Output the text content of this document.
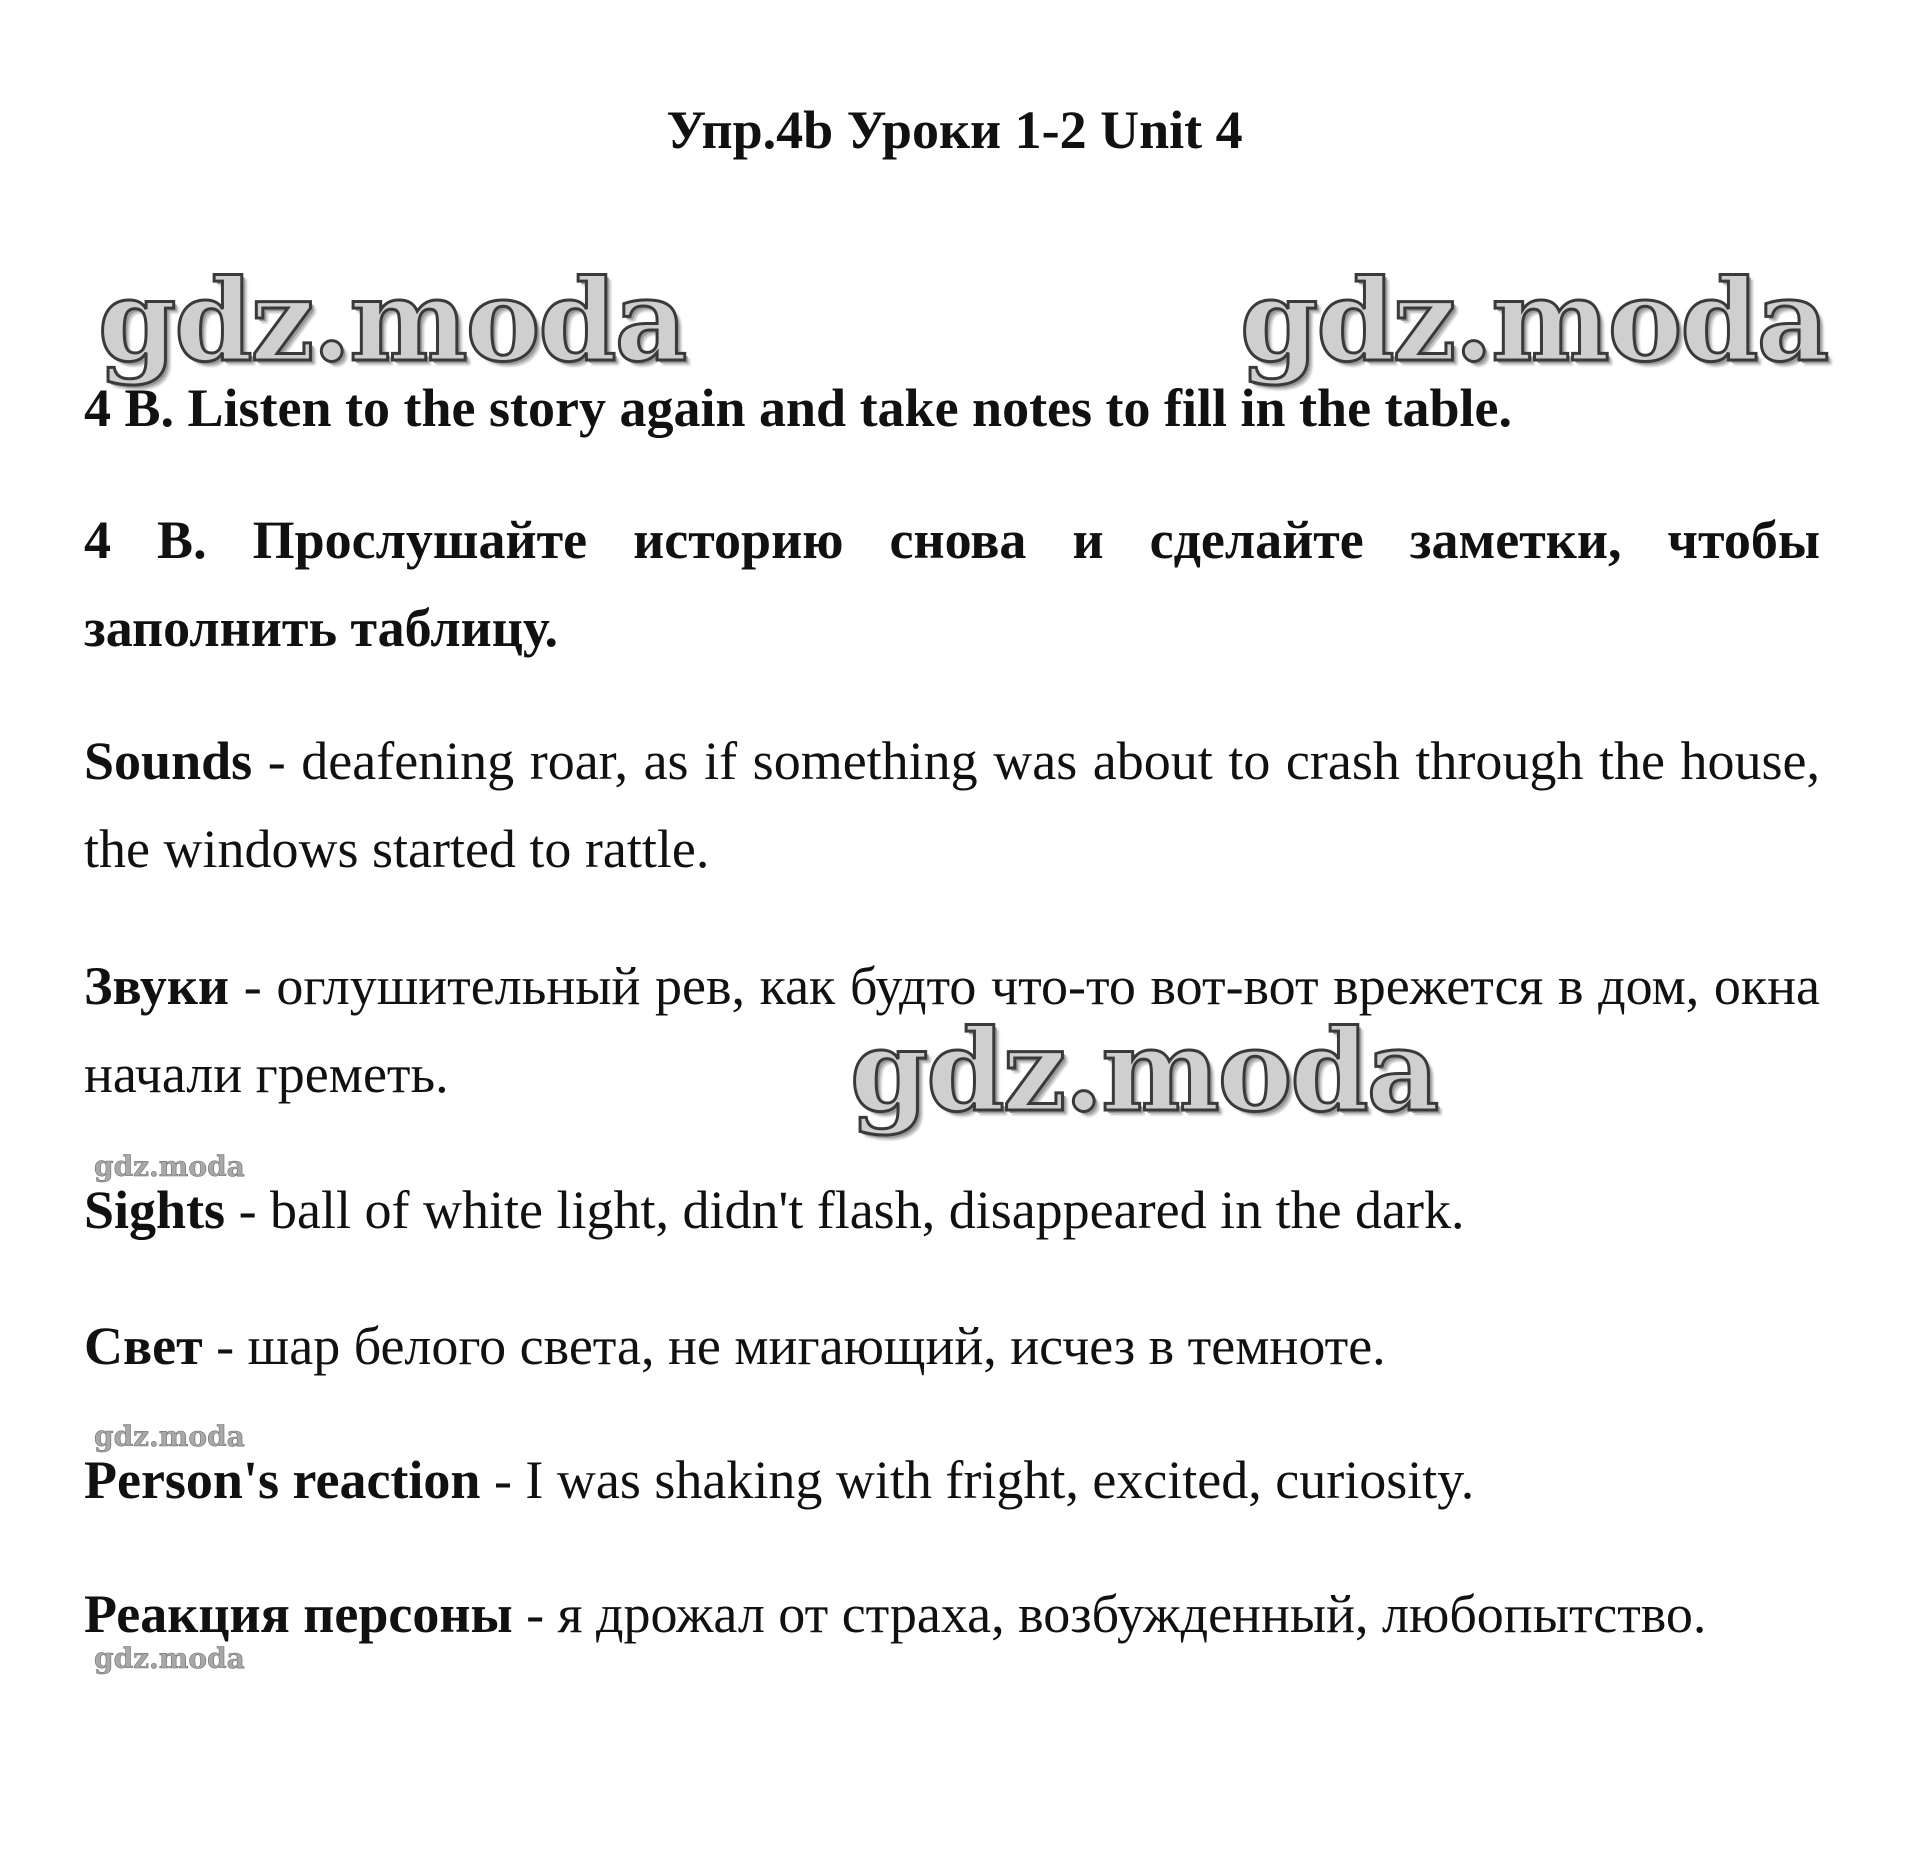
Упр.4b Уроки 1-2 Unit 4
gdz.moda	gdz.moda
gdz.moda
gdz.moda
gdz.moda
gdz.moda

4 B. Listen to the story again and take notes to fill in the table.

4 B. Прослушайте историю снова и сделайте заметки, чтобы заполнить таблицу.

Sounds - deafening roar, as if something was about to crash through the house, the windows started to rattle.

Звуки - оглушительный рев, как будто что-то вот-вот врежется в дом, окна начали греметь.

Sights - ball of white light, didn't flash, disappeared in the dark.

Свет - шар белого света, не мигающий, исчез в темноте.

Person's reaction - I was shaking with fright, excited, curiosity.

Реакция персоны - я дрожал от страха, возбужденный, любопытство.
